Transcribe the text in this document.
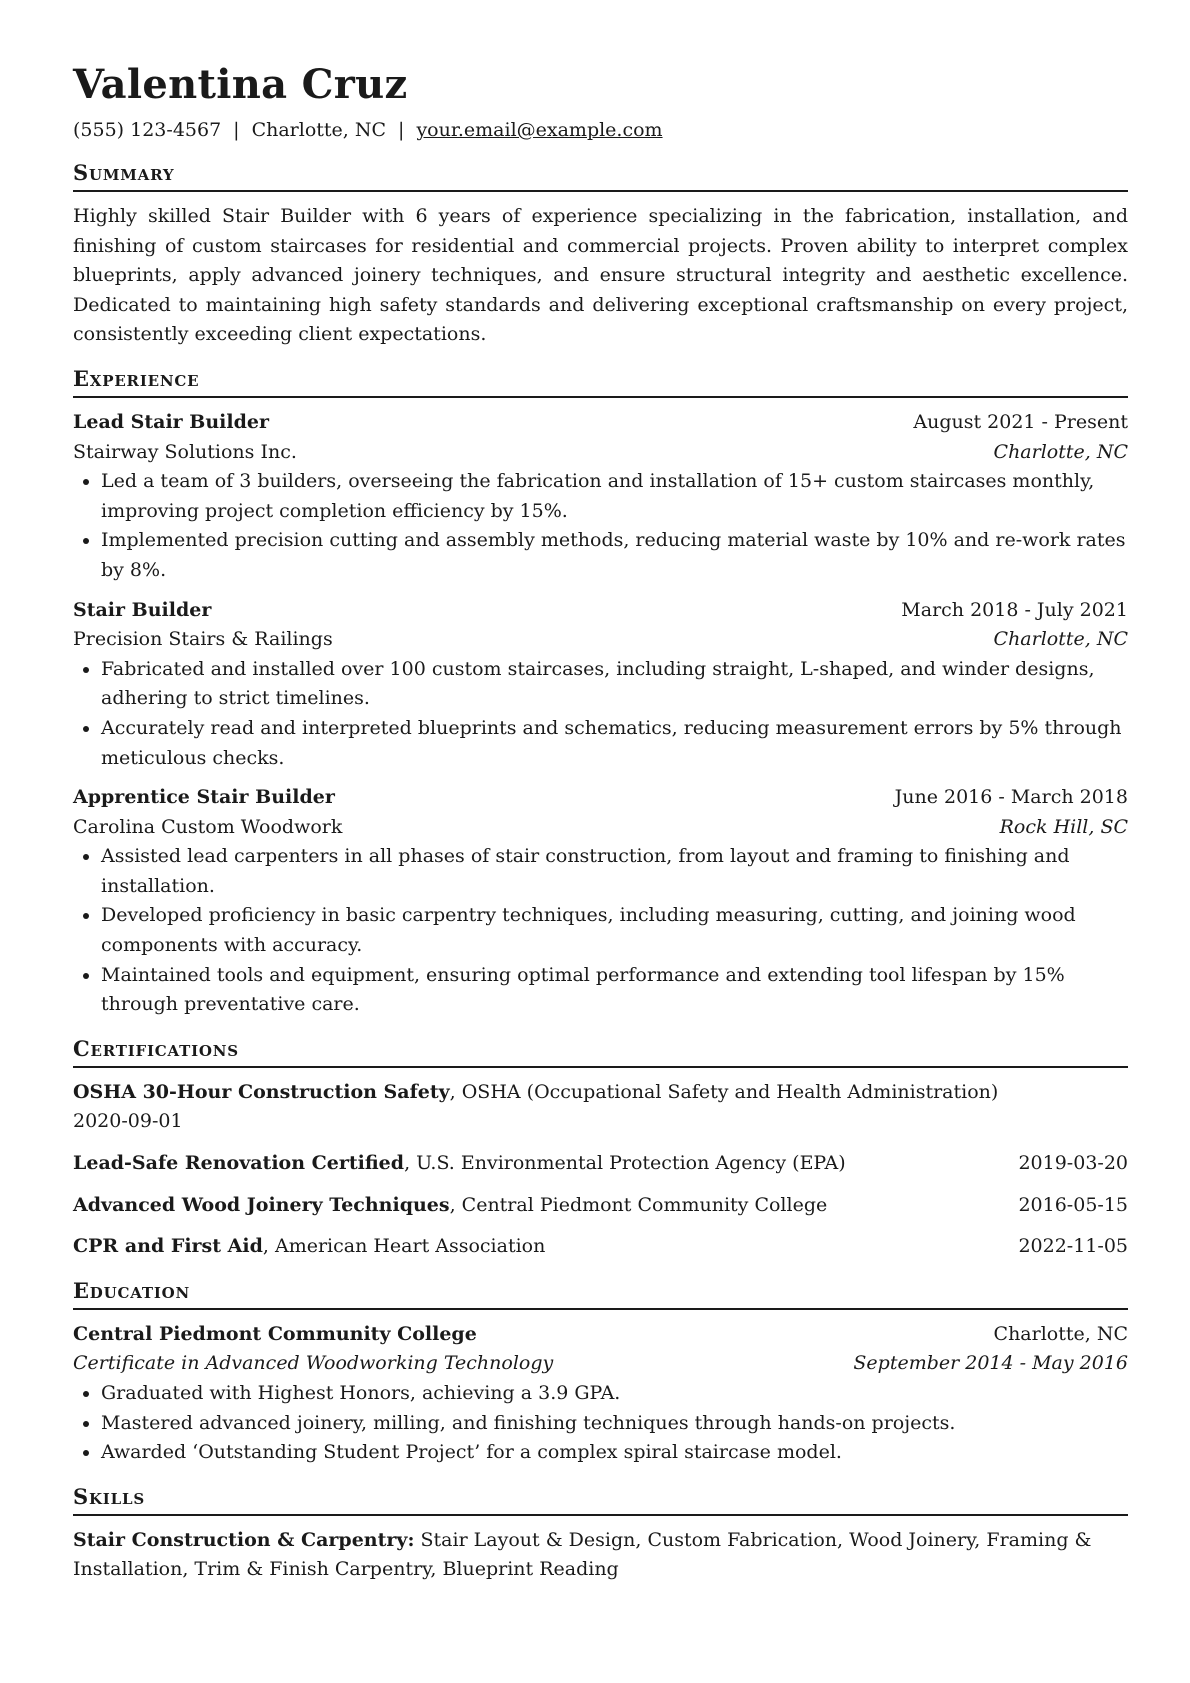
Valentina Cruz
(555) 123-4567 | Charlotte, NC | your.email@example.com
Summary

Highly skilled Stair Builder with 6 years of experience specializing in the fabrication, installation, and finishing of custom staircases for residential and commercial projects. Proven ability to interpret complex blueprints, apply advanced joinery techniques, and ensure structural integrity and aesthetic excellence. Dedicated to maintaining high safety standards and delivering exceptional craftsmanship on every project, consistently exceeding client expectations.

Experience
Lead Stair Builder	August 2021 - Present
Stairway Solutions Inc.	Charlotte, NC
• Led a team of 3 builders, overseeing the fabrication and installation of 15+ custom staircases monthly, improving project completion efficiency by 15%.
• Implemented precision cutting and assembly methods, reducing material waste by 10% and re-work rates by 8%.
Stair Builder	March 2018 - July 2021
Precision Stairs & Railings	Charlotte, NC
• Fabricated and installed over 100 custom staircases, including straight, L-shaped, and winder designs, adhering to strict timelines.
• Accurately read and interpreted blueprints and schematics, reducing measurement errors by 5% through meticulous checks.
Apprentice Stair Builder	June 2016 - March 2018
Carolina Custom Woodwork	Rock Hill, SC
• Assisted lead carpenters in all phases of stair construction, from layout and framing to finishing and installation.
• Developed proficiency in basic carpentry techniques, including measuring, cutting, and joining wood components with accuracy.
• Maintained tools and equipment, ensuring optimal performance and extending tool lifespan by 15% through preventative care.
Certifications
OSHA 30-Hour Construction Safety, OSHA (Occupational Safety and Health Administration)
2020-09-01
Lead-Safe Renovation Certified, U.S. Environmental Protection Agency (EPA)	2019-03-20
Advanced Wood Joinery Techniques, Central Piedmont Community College	2016-05-15
CPR and First Aid, American Heart Association	2022-11-05
Education
Central Piedmont Community College	Charlotte, NC
Certificate in Advanced Woodworking Technology	September 2014 - May 2016
• Graduated with Highest Honors, achieving a 3.9 GPA.
• Mastered advanced joinery, milling, and finishing techniques through hands-on projects.
• Awarded ‘Outstanding Student Project’ for a complex spiral staircase model.
Skills

Stair Construction & Carpentry: Stair Layout & Design, Custom Fabrication, Wood Joinery, Framing & Installation, Trim & Finish Carpentry, Blueprint Reading
